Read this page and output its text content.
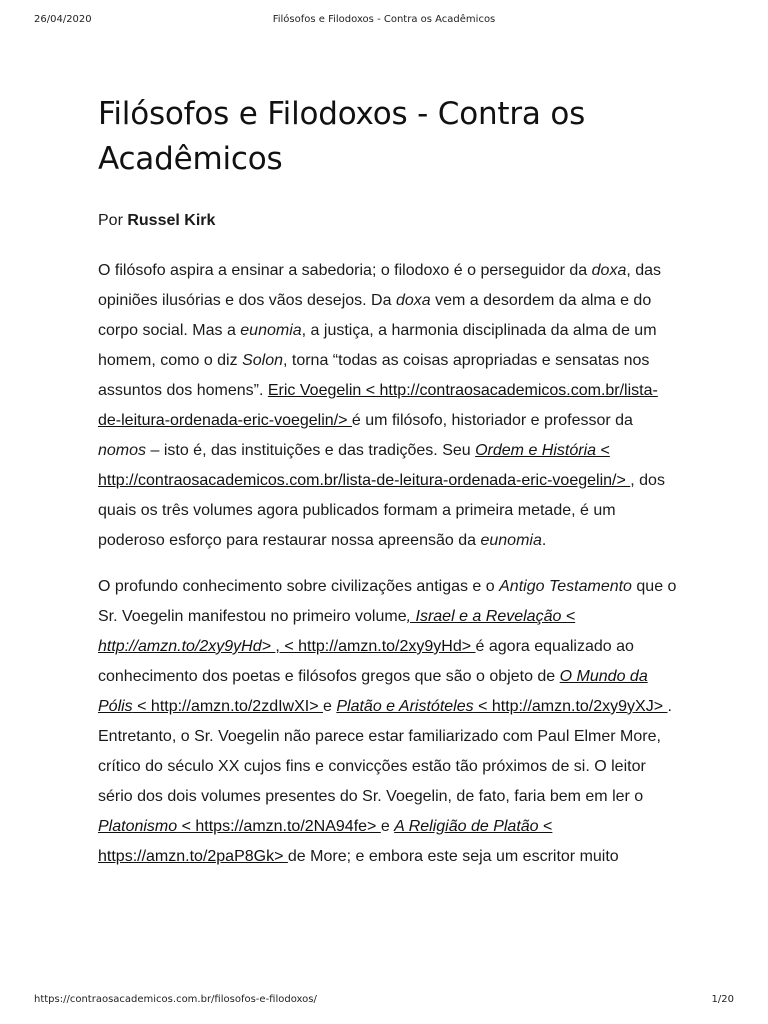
26/04/2020	Filósofos e Filodoxos - Contra os Acadêmicos
Filósofos e Filodoxos - Contra os Acadêmicos
Por Russel Kirk

O filósofo aspira a ensinar a sabedoria; o filodoxo é o perseguidor da doxa, das opiniões ilusórias e dos vãos desejos. Da doxa vem a desordem da alma e do corpo social. Mas a eunomia, a justiça, a harmonia disciplinada da alma de um homem, como o diz Solon, torna “todas as coisas apropriadas e sensatas nos assuntos dos homens”. Eric Voegelin < http://contraosacademicos.com.br/lista-de-leitura-ordenada-eric-voegelin/> é um filósofo, historiador e professor da nomos – isto é, das instituições e das tradições. Seu Ordem e História < http://contraosacademicos.com.br/lista-de-leitura-ordenada-eric-voegelin/> , dos quais os três volumes agora publicados formam a primeira metade, é um poderoso esforço para restaurar nossa apreensão da eunomia.

O profundo conhecimento sobre civilizações antigas e o Antigo Testamento que o Sr. Voegelin manifestou no primeiro volume, Israel e a Revelação < http://amzn.to/2xy9yHd> , < http://amzn.to/2xy9yHd> é agora equalizado ao conhecimento dos poetas e filósofos gregos que são o objeto de O Mundo da Pólis < http://amzn.to/2zdIwXI> e Platão e Aristóteles < http://amzn.to/2xy9yXJ> . Entretanto, o Sr. Voegelin não parece estar familiarizado com Paul Elmer More, crítico do século XX cujos fins e convicções estão tão próximos de si. O leitor sério dos dois volumes presentes do Sr. Voegelin, de fato, faria bem em ler o Platonismo < https://amzn.to/2NA94fe> e A Religião de Platão < https://amzn.to/2paP8Gk> de More; e embora este seja um escritor muito

https://contraosacademicos.com.br/filosofos-e-filodoxos/	1/20
